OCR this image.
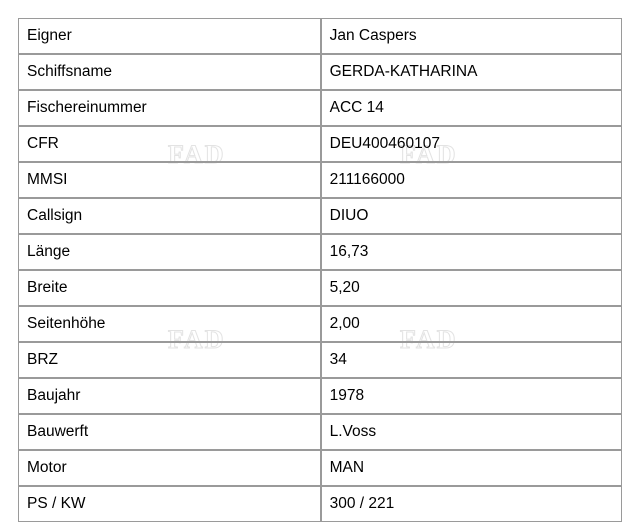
FAD	FAD
FAD	FAD
Eigner	Jan Caspers
Schiffsname	GERDA-KATHARINA
Fischereinummer	ACC 14
CFR	DEU400460107
MMSI	211166000
Callsign	DIUO
Länge	16,73
Breite	5,20
Seitenhöhe	2,00
BRZ	34
Baujahr	1978
Bauwerft	L.Voss
Motor	MAN
PS / KW	300 / 221
